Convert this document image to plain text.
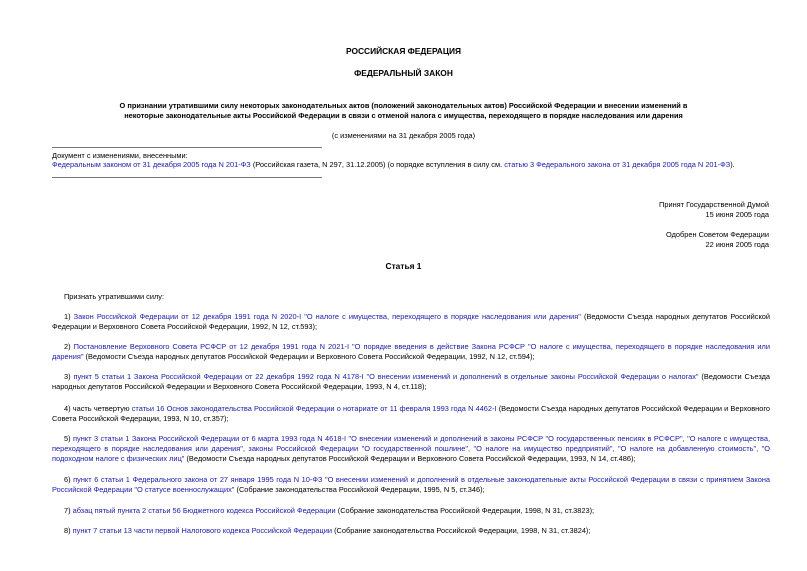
РОССИЙСКАЯ ФЕДЕРАЦИЯ
ФЕДЕРАЛЬНЫЙ ЗАКОН
О признании утратившими силу некоторых законодательных актов (положений законодательных актов) Российской Федерации и внесении изменений в
некоторые законодательные акты Российской Федерации в связи с отменой налога с имущества, переходящего в порядке наследования или дарения
(с изменениями на 31 декабря 2005 года)
Документ с изменениями, внесенными:
Федеральным законом от 31 декабря 2005 года N 201-ФЗ (Российская газета, N 297, 31.12.2005) (о порядке вступления в силу см. статью 3 Федерального закона от 31 декабря 2005 года N 201-ФЗ).
Принят Государственной Думой
15 июня 2005 года
Одобрен Советом Федерации
22 июня 2005 года
Статья 1
Признать утратившими силу:
1) Закон Российской Федерации от 12 декабря 1991 года N 2020-I "О налоге с имущества, переходящего в порядке наследования или дарения" (Ведомости Съезда народных депутатов Российской Федерации и Верховного Совета Российской Федерации, 1992, N 12, ст.593);
2) Постановление Верховного Совета РСФСР от 12 декабря 1991 года N 2021-I "О порядке введения в действие Закона РСФСР "О налоге с имущества, переходящего в порядке наследования или дарения" (Ведомости Съезда народных депутатов Российской Федерации и Верховного Совета Российской Федерации, 1992, N 12, ст.594);
3) пункт 5 статьи 1 Закона Российской Федерации от 22 декабря 1992 года N 4178-I "О внесении изменений и дополнений в отдельные законы Российской Федерации о налогах" (Ведомости Съезда народных депутатов Российской Федерации и Верховного Совета Российской Федерации, 1993, N 4, ст.118);
4) часть четвертую статьи 16 Основ законодательства Российской Федерации о нотариате от 11 февраля 1993 года N 4462-I (Ведомости Съезда народных депутатов Российской Федерации и Верховного Совета Российской Федерации, 1993, N 10, ст.357);
5) пункт 3 статьи 1 Закона Российской Федерации от 6 марта 1993 года N 4618-I "О внесении изменений и дополнений в законы РСФСР "О государственных пенсиях в РСФСР", "О налоге с имущества, переходящего в порядке наследования или дарения", законы Российской Федерации "О государственной пошлине", "О налоге на имущество предприятий", "О налоге на добавленную стоимость", "О подоходном налоге с физических лиц" (Ведомости Съезда народных депутатов Российской Федерации и Верховного Совета Российской Федерации, 1993, N 14, ст.486);
6) пункт 6 статьи 1 Федерального закона от 27 января 1995 года N 10-ФЗ "О внесении изменений и дополнений в отдельные законодательные акты Российской Федерации в связи с принятием Закона Российской Федерации "О статусе военнослужащих" (Собрание законодательства Российской Федерации, 1995, N 5, ст.346);
7) абзац пятый пункта 2 статьи 56 Бюджетного кодекса Российской Федерации (Собрание законодательства Российской Федерации, 1998, N 31, ст.3823);
8) пункт 7 статьи 13 части первой Налогового кодекса Российской Федерации (Собрание законодательства Российской Федерации, 1998, N 31, ст.3824);
